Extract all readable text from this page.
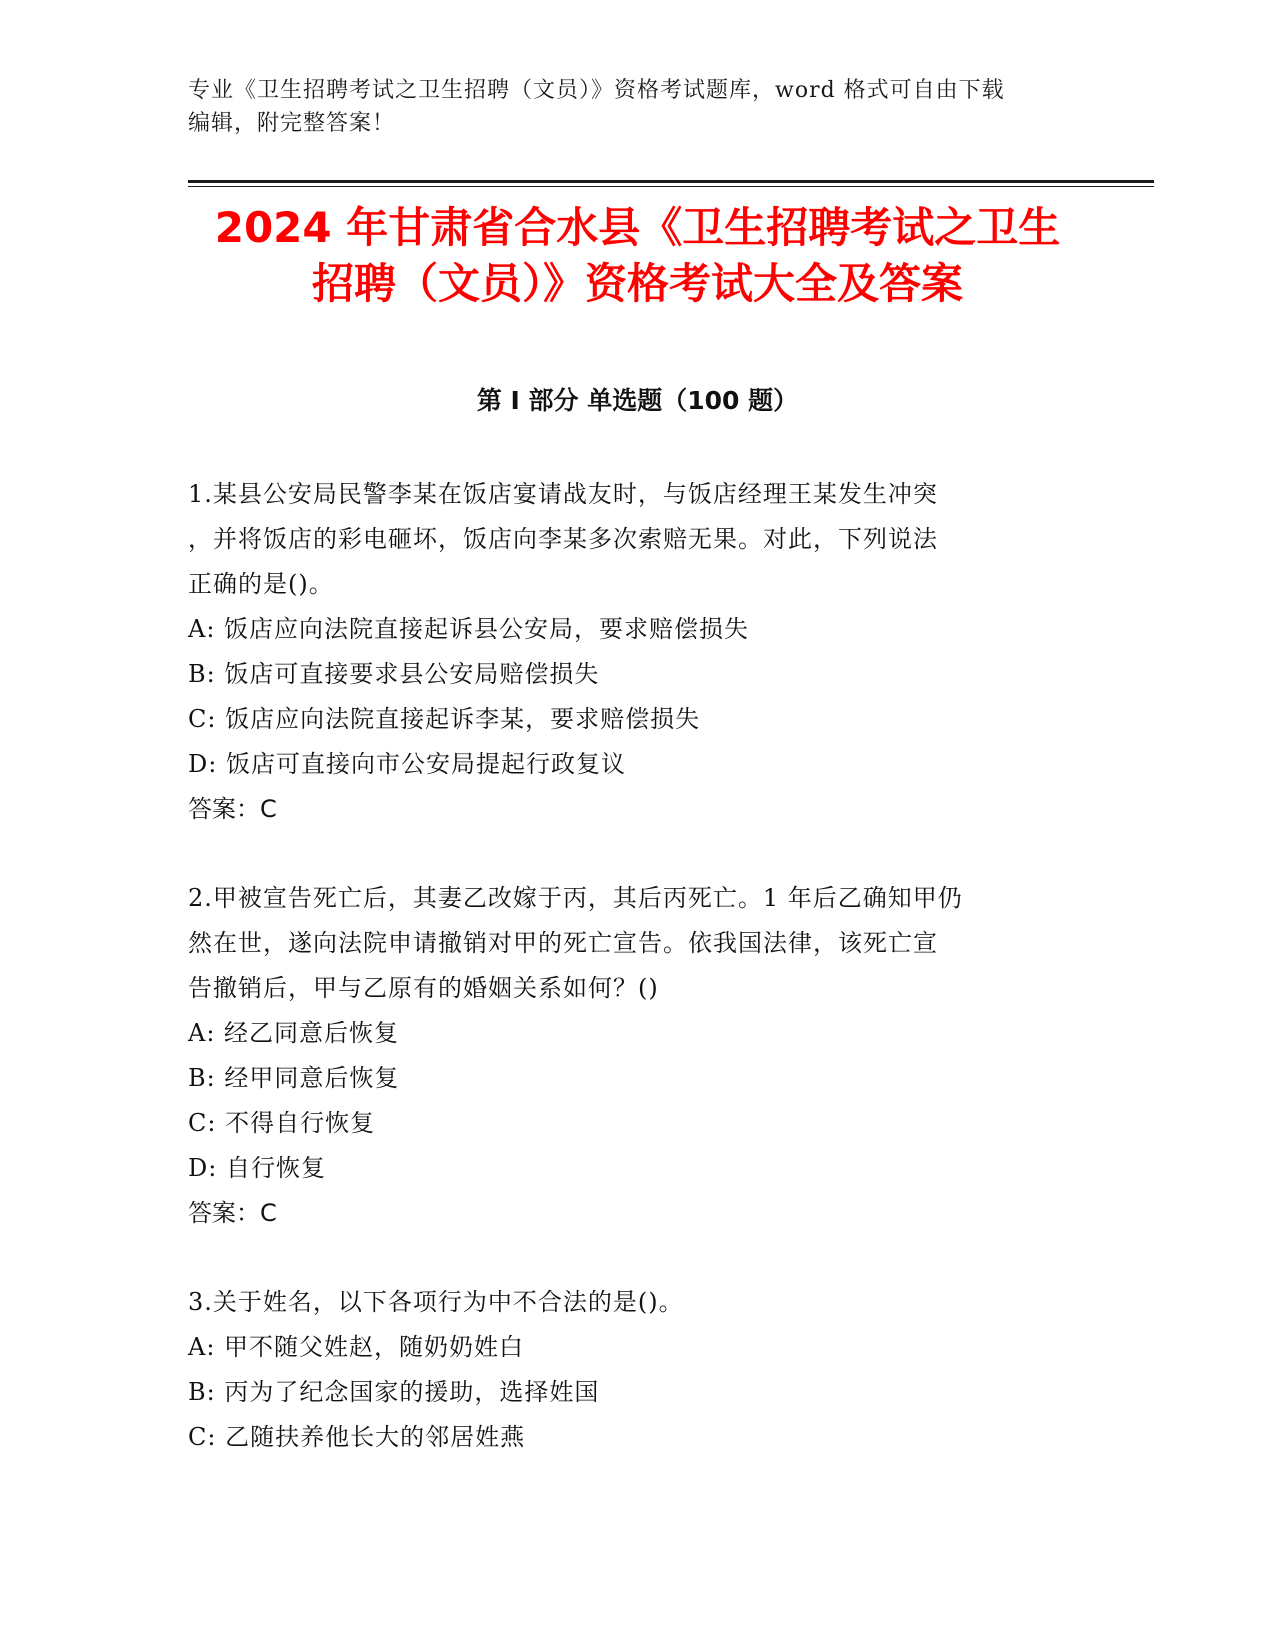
专业《卫生招聘考试之卫生招聘（文员）》资格考试题库，word 格式可自由下载
编辑，附完整答案！
2024 年甘肃省合水县《卫生招聘考试之卫生
招聘（文员）》资格考试大全及答案
第 I 部分 单选题（100 题）

1.某县公安局民警李某在饭店宴请战友时，与饭店经理王某发生冲突

，并将饭店的彩电砸坏，饭店向李某多次索赔无果。对此，下列说法

正确的是()。

A: 饭店应向法院直接起诉县公安局，要求赔偿损失

B: 饭店可直接要求县公安局赔偿损失

C: 饭店应向法院直接起诉李某，要求赔偿损失

D: 饭店可直接向市公安局提起行政复议

答案：C

2.甲被宣告死亡后，其妻乙改嫁于丙，其后丙死亡。1 年后乙确知甲仍

然在世，遂向法院申请撤销对甲的死亡宣告。依我国法律，该死亡宣

告撤销后，甲与乙原有的婚姻关系如何？()

A: 经乙同意后恢复

B: 经甲同意后恢复

C: 不得自行恢复

D: 自行恢复

答案：C

3.关于姓名，以下各项行为中不合法的是()。

A: 甲不随父姓赵，随奶奶姓白

B: 丙为了纪念国家的援助，选择姓国

C: 乙随扶养他长大的邻居姓燕
